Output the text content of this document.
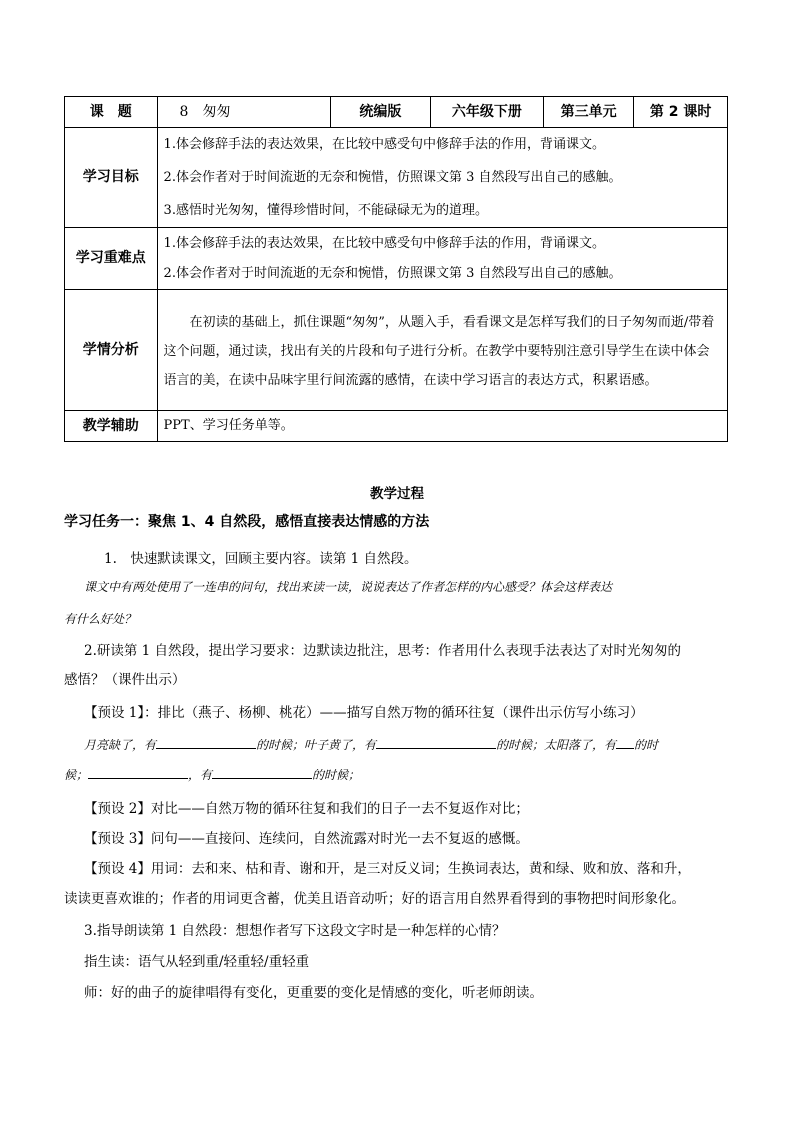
课　题	8　匆匆	统编版	六年级下册	第三单元	第 2 课时
学习目标	1.体会修辞手法的表达效果，在比较中感受句中修辞手法的作用，背诵课文。
2.体会作者对于时间流逝的无奈和惋惜，仿照课文第 3 自然段写出自己的感触。
3.感悟时光匆匆，懂得珍惜时间，不能碌碌无为的道理。				

学习重难点	1.体会修辞手法的表达效果，在比较中感受句中修辞手法的作用，背诵课文。
2.体会作者对于时间流逝的无奈和惋惜，仿照课文第 3 自然段写出自己的感触。				

学情分析	在初读的基础上，抓住课题“匆匆”，从题入手，看看课文是怎样写我们的日子匆匆而逝/带着这个问题，通过读，找出有关的片段和句子进行分析。在教学中要特别注意引导学生在读中体会语言的美，在读中品味字里行间流露的感情，在读中学习语言的表达方式，积累语感。				

教学辅助	PPT、学习任务单等。				
教学过程
学习任务一：聚焦 1、4 自然段，感悟直接表达情感的方法
1.　快速默读课文，回顾主要内容。读第 1 自然段。
课文中有两处使用了一连串的问句，找出来读一读，说说表达了作者怎样的内心感受？体会这样表达
有什么好处？
2.研读第 1 自然段，提出学习要求：边默读边批注，思考：作者用什么表现手法表达了对时光匆匆的
感悟？（课件出示）
【预设 1】：排比（燕子、杨柳、桃花）——描写自然万物的循环往复（课件出示仿写小练习）
月亮缺了，有	的时候；叶子黄了，有	的时候；太阳落了，有 的时
候；	，有	的时候；
【预设 2】对比——自然万物的循环往复和我们的日子一去不复返作对比；
【预设 3】问句——直接问、连续问，自然流露对时光一去不复返的感慨。
【预设 4】用词：去和来、枯和青、谢和开，是三对反义词；生换词表达，黄和绿、败和放、落和升，
读读更喜欢谁的；作者的用词更含蓄，优美且语音动听；好的语言用自然界看得到的事物把时间形象化。
3.指导朗读第 1 自然段：想想作者写下这段文字时是一种怎样的心情？
指生读：语气从轻到重/轻重轻/重轻重
师：好的曲子的旋律唱得有变化，更重要的变化是情感的变化，听老师朗读。
